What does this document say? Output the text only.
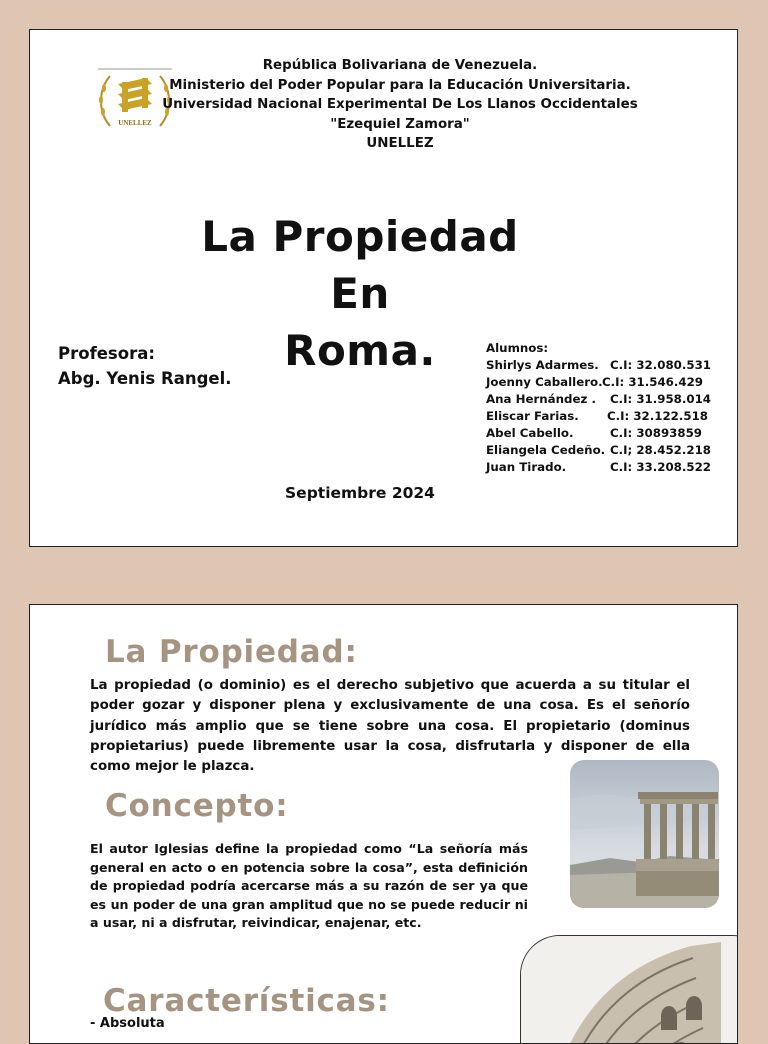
UNELLEZ
República Bolivariana de Venezuela.
Ministerio del Poder Popular para la Educación Universitaria.
Universidad Nacional Experimental De Los Llanos Occidentales
"Ezequiel Zamora"
UNELLEZ
La Propiedad
En
Roma.
Profesora:
Abg. Yenis Rangel.
Alumnos:
Shirlys Adarmes. C.I: 32.080.531
Joenny Caballero. C.I: 31.546.429
Ana Hernández . C.I: 31.958.014
Eliscar Farias. C.I: 32.122.518
Abel Cabello.	C.I: 30893859
Eliangela Cedeño. C.I; 28.452.218
Juan Tirado.	C.I: 33.208.522
Septiembre 2024
La Propiedad:
La propiedad (o dominio) es el derecho subjetivo que acuerda a su titular el poder gozar y disponer plena y exclusivamente de una cosa. Es el señorío jurídico más amplio que se tiene sobre una cosa. El propietario (dominus propietarius) puede libremente usar la cosa, disfrutarla y disponer de ella como mejor le plazca.
Concepto:
El autor Iglesias define la propiedad como “La señoría más general en acto o en potencia sobre la cosa”, esta definición de propiedad podría acercarse más a su razón de ser ya que es un poder de una gran amplitud que no se puede reducir ni a usar, ni a disfrutar, reivindicar, enajenar, etc.
Características:
- Absoluta
